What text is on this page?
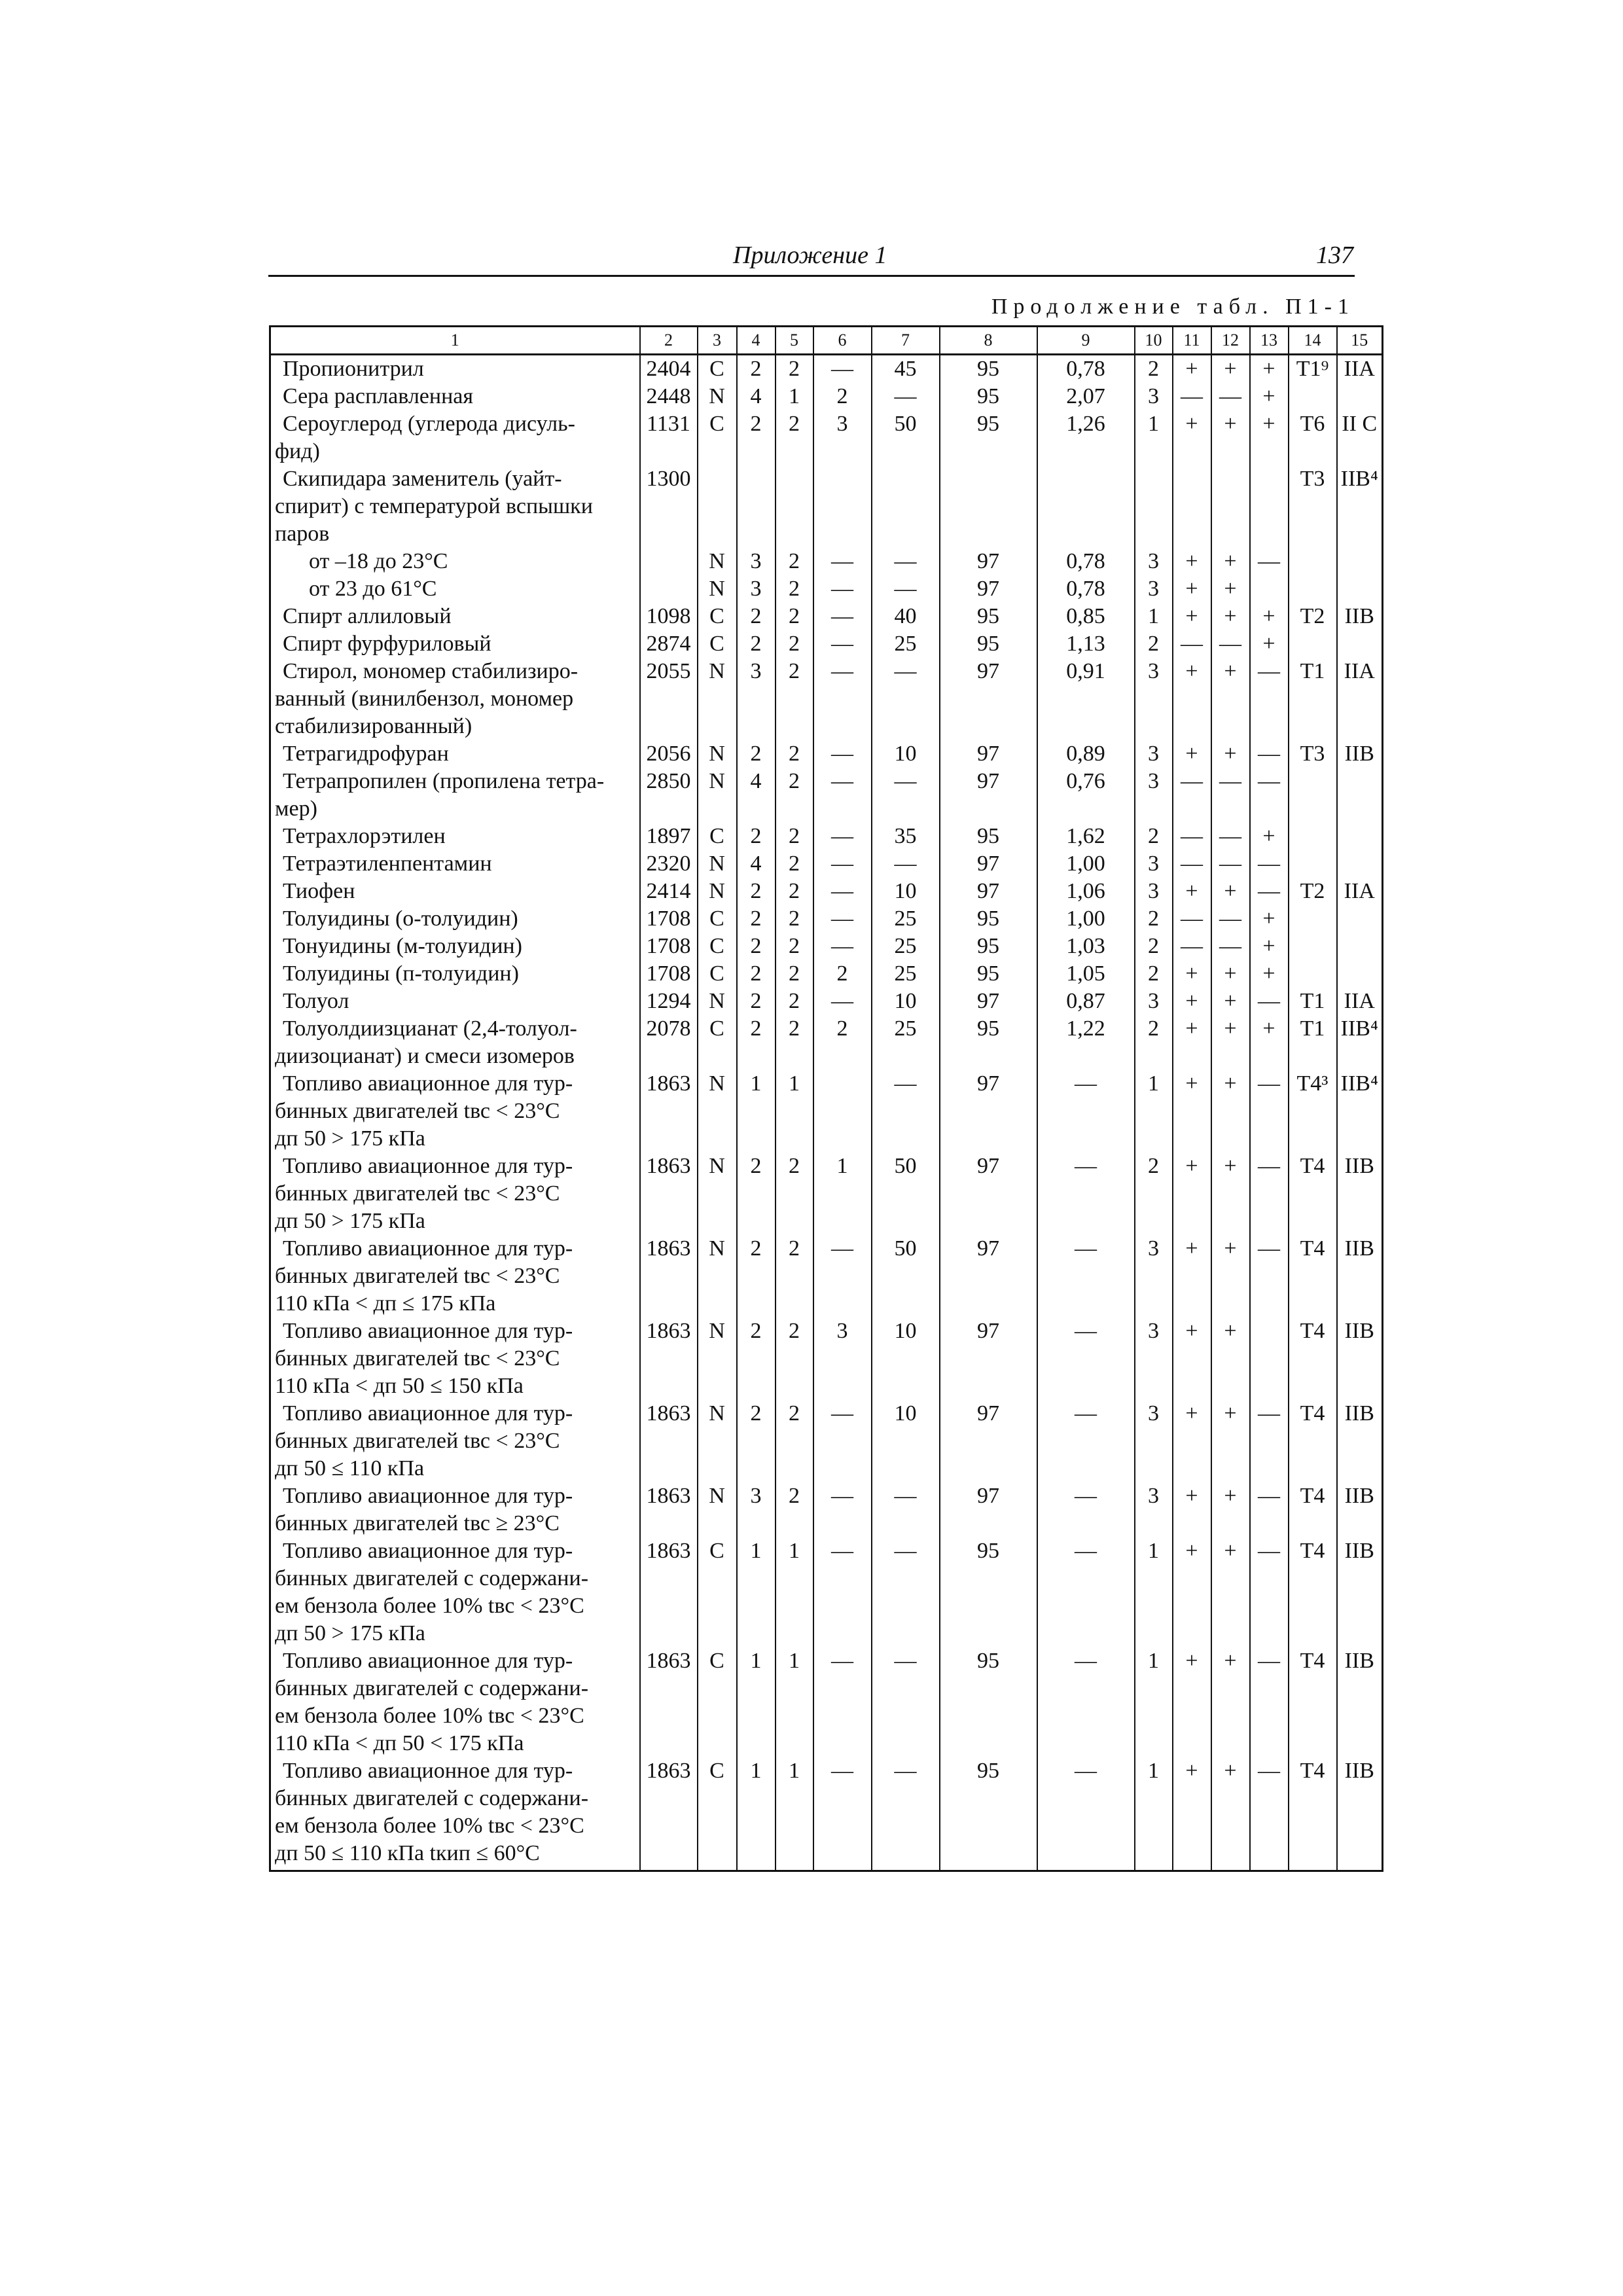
Приложение 1	137
Продолжение табл. П1-1
1	2	3	4	5	6	7	8	9	10	11	12	13	14	15

Пропионитрил	2404	C	2	2	—	45	95	0,78	2	+	+	+	T1⁹	IIA

Сера расплавленная	2448	N	4	1	2	—	95	2,07	3	—	—	+		

Сероуглерод (углерода дисуль-
фид)	1131	C	2	2	3	50	95	1,26	1	+	+	+	T6	II C

Скипидара заменитель (уайт-
спирит) с температурой вспышки
паров	1300												T3	IIB⁴

от –18 до 23°C		N	3	2	—	—	97	0,78	3	+	+	—		

от 23 до 61°C		N	3	2	—	—	97	0,78	3	+	+			

Спирт аллиловый	1098	C	2	2	—	40	95	0,85	1	+	+	+	T2	IIB

Спирт фурфуриловый	2874	C	2	2	—	25	95	1,13	2	—	—	+		

Стирол, мономер стабилизиро-
ванный (винилбензол, мономер
стабилизированный)	2055	N	3	2	—	—	97	0,91	3	+	+	—	T1	IIA

Тетрагидрофуран	2056	N	2	2	—	10	97	0,89	3	+	+	—	T3	IIB

Тетрапропилен (пропилена тетра-
мер)	2850	N	4	2	—	—	97	0,76	3	—	—	—		

Тетрахлорэтилен	1897	C	2	2	—	35	95	1,62	2	—	—	+		

Тетраэтиленпентамин	2320	N	4	2	—	—	97	1,00	3	—	—	—		

Тиофен	2414	N	2	2	—	10	97	1,06	3	+	+	—	T2	IIA

Толуидины (о-толуидин)	1708	C	2	2	—	25	95	1,00	2	—	—	+		

Тонуидины (м-толуидин)	1708	C	2	2	—	25	95	1,03	2	—	—	+		

Толуидины (п-толуидин)	1708	C	2	2	2	25	95	1,05	2	+	+	+		

Толуол	1294	N	2	2	—	10	97	0,87	3	+	+	—	T1	IIA

Толуолдиизцианат (2,4-толуол-
диизоцианат) и смеси изомеров	2078	C	2	2	2	25	95	1,22	2	+	+	+	T1	IIB⁴

Топливо авиационное для тур-
бинных двигателей tвс < 23°C
дп 50 > 175 кПа	1863	N	1	1		—	97	—	1	+	+	—	T4³	IIB⁴

Топливо авиационное для тур-
бинных двигателей tвс < 23°C
дп 50 > 175 кПа	1863	N	2	2	1	50	97	—	2	+	+	—	T4	IIB

Топливо авиационное для тур-
бинных двигателей tвс < 23°C
110 кПа < дп ≤ 175 кПа	1863	N	2	2	—	50	97	—	3	+	+	—	T4	IIB

Топливо авиационное для тур-
бинных двигателей tвс < 23°C
110 кПа < дп 50 ≤ 150 кПа	1863	N	2	2	3	10	97	—	3	+	+		T4	IIB

Топливо авиационное для тур-
бинных двигателей tвс < 23°C
дп 50 ≤ 110 кПа	1863	N	2	2	—	10	97	—	3	+	+	—	T4	IIB

Топливо авиационное для тур-
бинных двигателей tвс ≥ 23°C	1863	N	3	2	—	—	97	—	3	+	+	—	T4	IIB

Топливо авиационное для тур-
бинных двигателей с содержани-
ем бензола более 10% tвс < 23°C
дп 50 > 175 кПа	1863	C	1	1	—	—	95	—	1	+	+	—	T4	IIB

Топливо авиационное для тур-
бинных двигателей с содержани-
ем бензола более 10% tвс < 23°C
110 кПа < дп 50 < 175 кПа	1863	C	1	1	—	—	95	—	1	+	+	—	T4	IIB

Топливо авиационное для тур-
бинных двигателей с содержани-
ем бензола более 10% tвс < 23°C
дп 50 ≤ 110 кПа tкип ≤ 60°C	1863	C	1	1	—	—	95	—	1	+	+	—	T4	IIB
